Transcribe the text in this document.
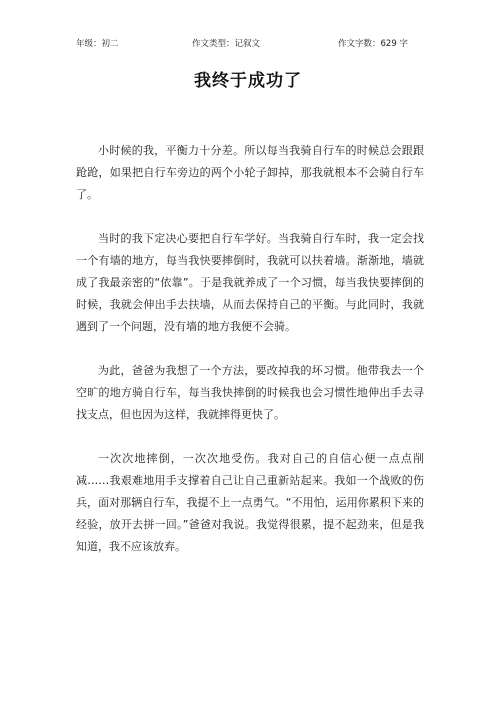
年级：初二	作文类型：记叙文	作文字数：629 字
我终于成功了

小时候的我，平衡力十分差。所以每当我骑自行车的时候总会跟跟跄跄，如果把自行车旁边的两个小轮子卸掉，那我就根本不会骑自行车了。

当时的我下定决心要把自行车学好。当我骑自行车时，我一定会找一个有墙的地方，每当我快要摔倒时，我就可以扶着墙。渐渐地，墙就成了我最亲密的“依靠”。于是我就养成了一个习惯，每当我快要摔倒的时候，我就会伸出手去扶墙，从而去保持自己的平衡。与此同时，我就遇到了一个问题，没有墙的地方我便不会骑。

为此，爸爸为我想了一个方法，要改掉我的坏习惯。他带我去一个空旷的地方骑自行车，每当我快摔倒的时候我也会习惯性地伸出手去寻找支点，但也因为这样，我就摔得更快了。

一次次地摔倒，一次次地受伤。我对自己的自信心便一点点削减……我艰难地用手支撑着自己让自己重新站起来。我如一个战败的伤兵，面对那辆自行车，我提不上一点勇气。“不用怕，运用你累积下来的经验，放开去拼一回。”爸爸对我说。我觉得很累，提不起劲来，但是我知道，我不应该放弃。
